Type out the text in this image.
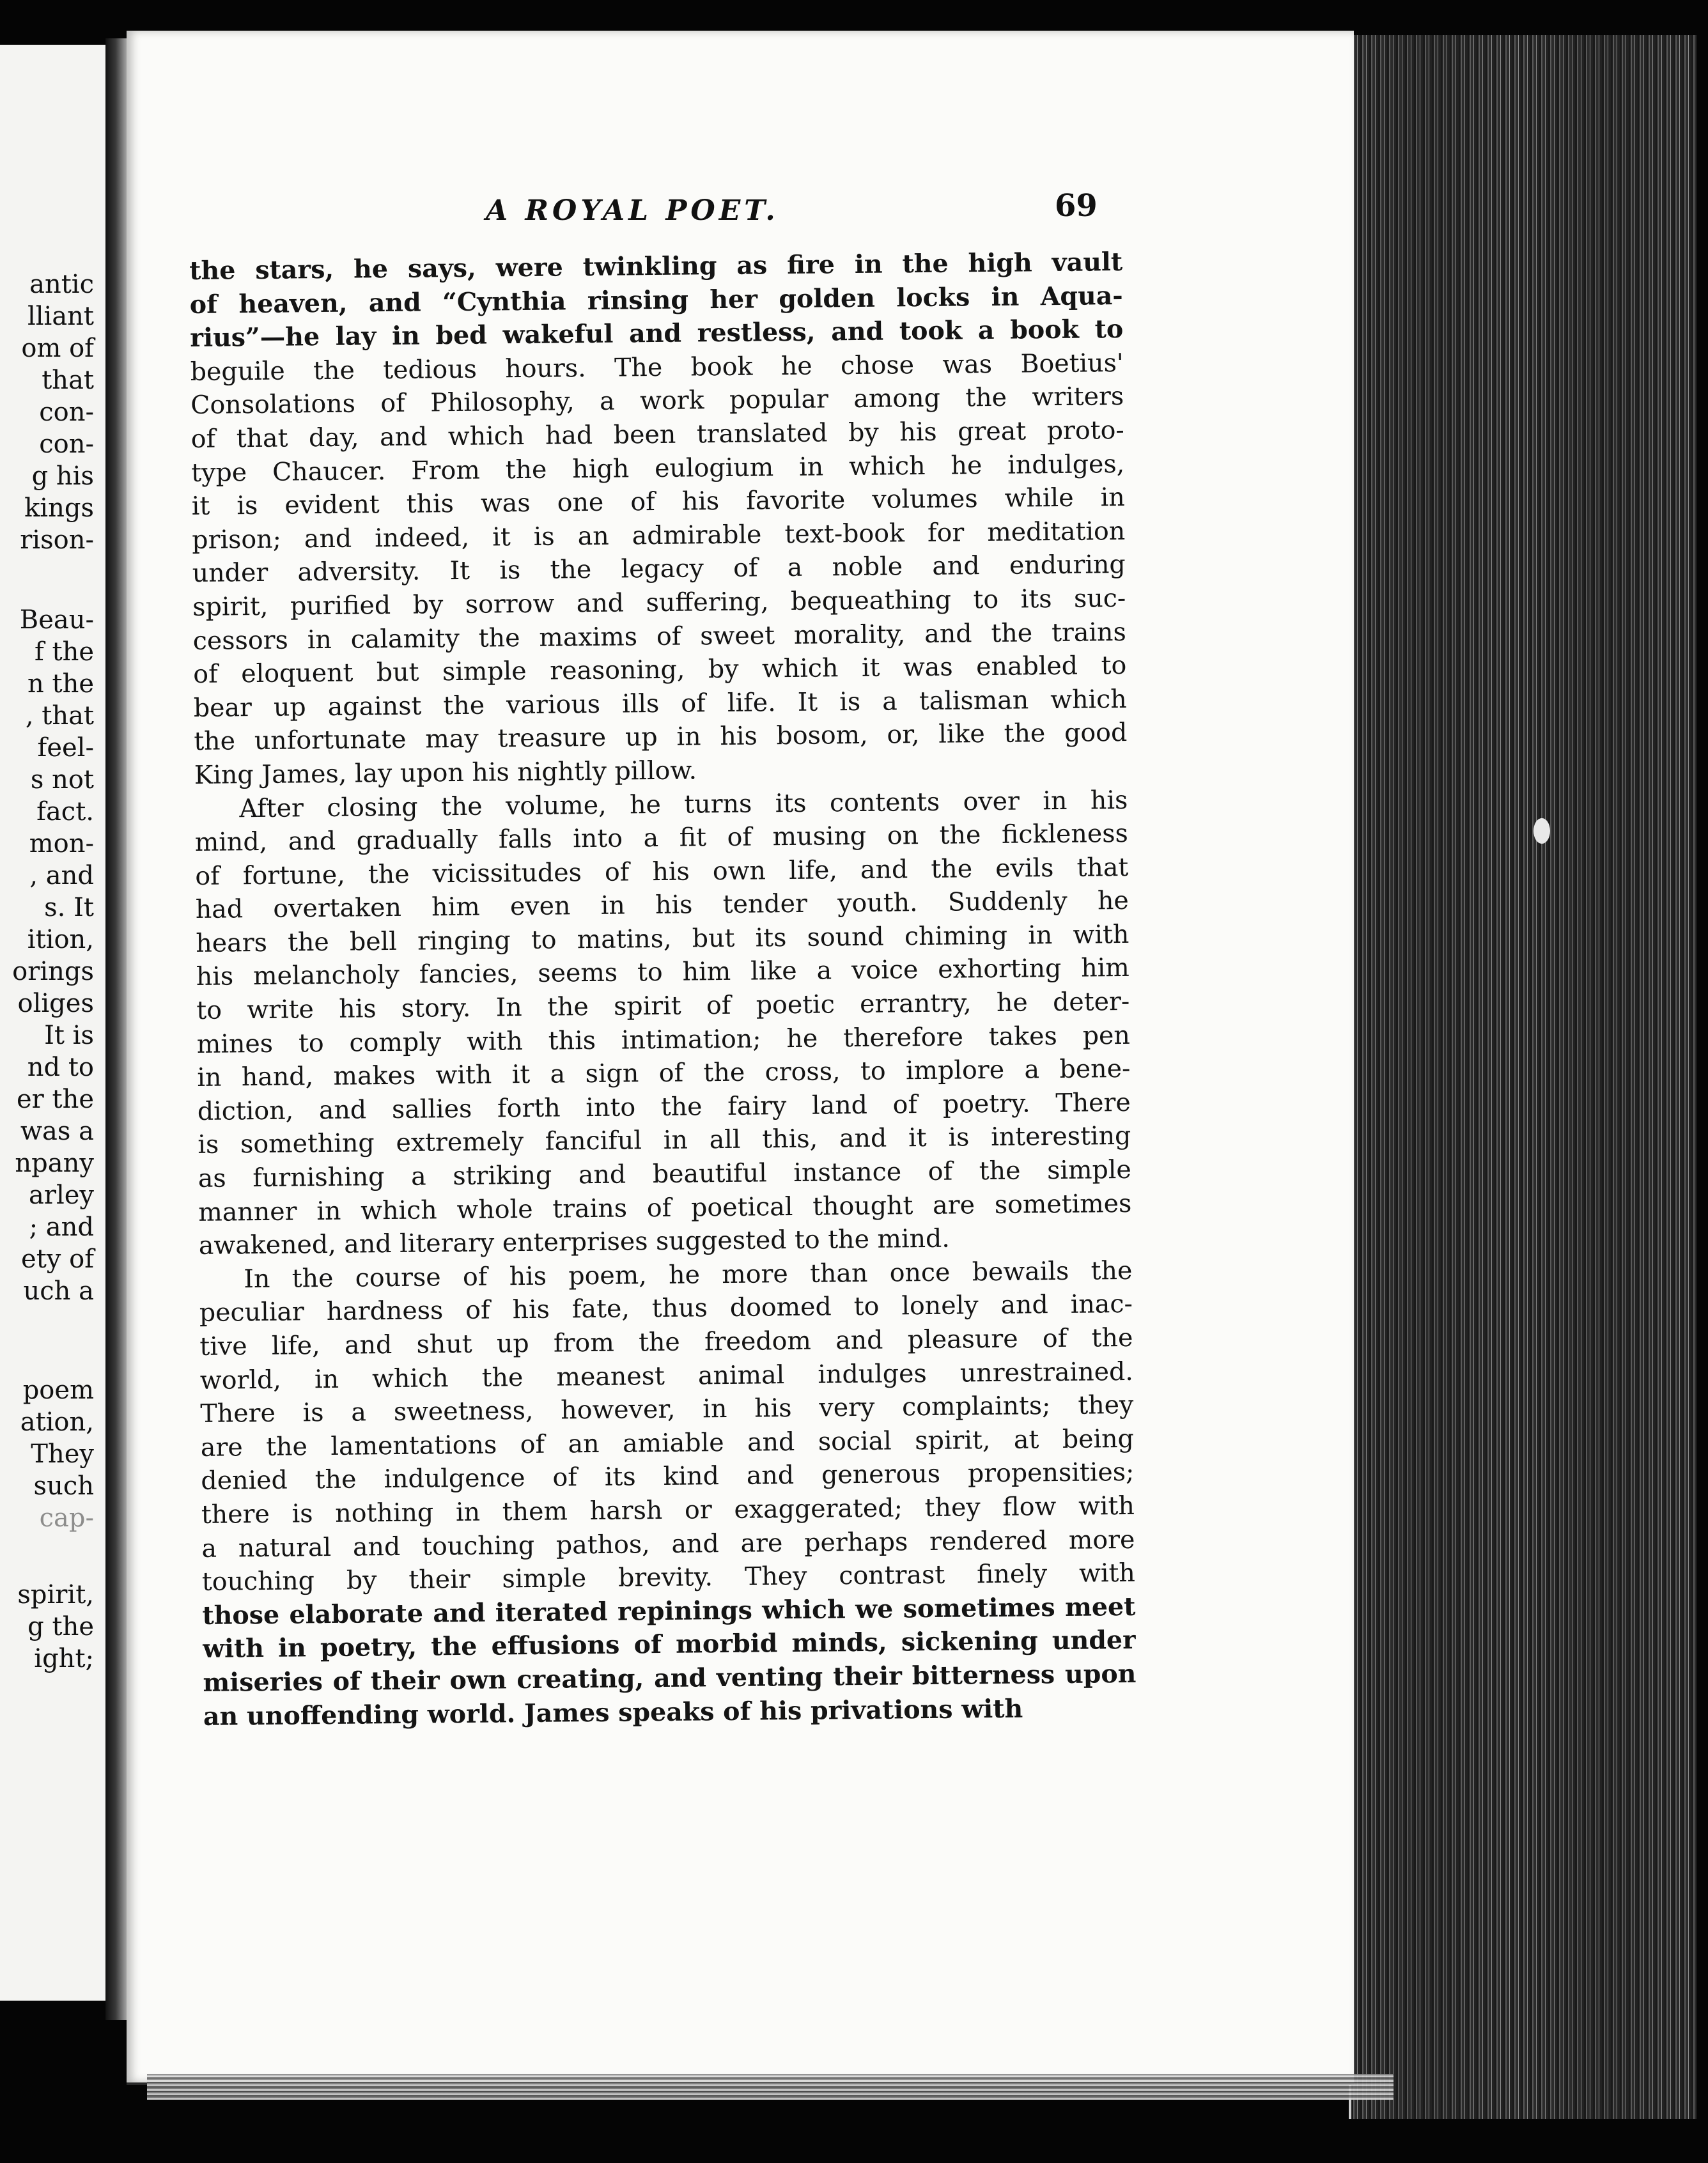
antic
lliant
om of
that
con-
con-
g his
kings
rison-
Beau-
f the
n the
, that
feel-
s not
fact.
mon-
, and
s. It
ition,
orings
oliges
It is
nd to
er the
was a
npany
arley
; and
ety of
uch a
poem
ation,
They
such
cap-
spirit,
g the
ight;
A ROYAL POET.	69
the stars, he says, were twinkling as fire in the high vault
of heaven, and “Cynthia rinsing her golden locks in Aqua-
rius”—he lay in bed wakeful and restless, and took a book to
beguile the tedious hours. The book he chose was Boetius'
Consolations of Philosophy, a work popular among the writers
of that day, and which had been translated by his great proto-
type Chaucer. From the high eulogium in which he indulges,
it is evident this was one of his favorite volumes while in
prison; and indeed, it is an admirable text-book for meditation
under adversity. It is the legacy of a noble and enduring
spirit, purified by sorrow and suffering, bequeathing to its suc-
cessors in calamity the maxims of sweet morality, and the trains
of eloquent but simple reasoning, by which it was enabled to
bear up against the various ills of life. It is a talisman which
the unfortunate may treasure up in his bosom, or, like the good
King James, lay upon his nightly pillow.
After closing the volume, he turns its contents over in his
mind, and gradually falls into a fit of musing on the fickleness
of fortune, the vicissitudes of his own life, and the evils that
had overtaken him even in his tender youth. Suddenly he
hears the bell ringing to matins, but its sound chiming in with
his melancholy fancies, seems to him like a voice exhorting him
to write his story. In the spirit of poetic errantry, he deter-
mines to comply with this intimation; he therefore takes pen
in hand, makes with it a sign of the cross, to implore a bene-
diction, and sallies forth into the fairy land of poetry. There
is something extremely fanciful in all this, and it is interesting
as furnishing a striking and beautiful instance of the simple
manner in which whole trains of poetical thought are sometimes
awakened, and literary enterprises suggested to the mind.
In the course of his poem, he more than once bewails the
peculiar hardness of his fate, thus doomed to lonely and inac-
tive life, and shut up from the freedom and pleasure of the
world, in which the meanest animal indulges unrestrained.
There is a sweetness, however, in his very complaints; they
are the lamentations of an amiable and social spirit, at being
denied the indulgence of its kind and generous propensities;
there is nothing in them harsh or exaggerated; they flow with
a natural and touching pathos, and are perhaps rendered more
touching by their simple brevity. They contrast finely with
those elaborate and iterated repinings which we sometimes meet
with in poetry, the effusions of morbid minds, sickening under
miseries of their own creating, and venting their bitterness upon
an unoffending world. James speaks of his privations with
